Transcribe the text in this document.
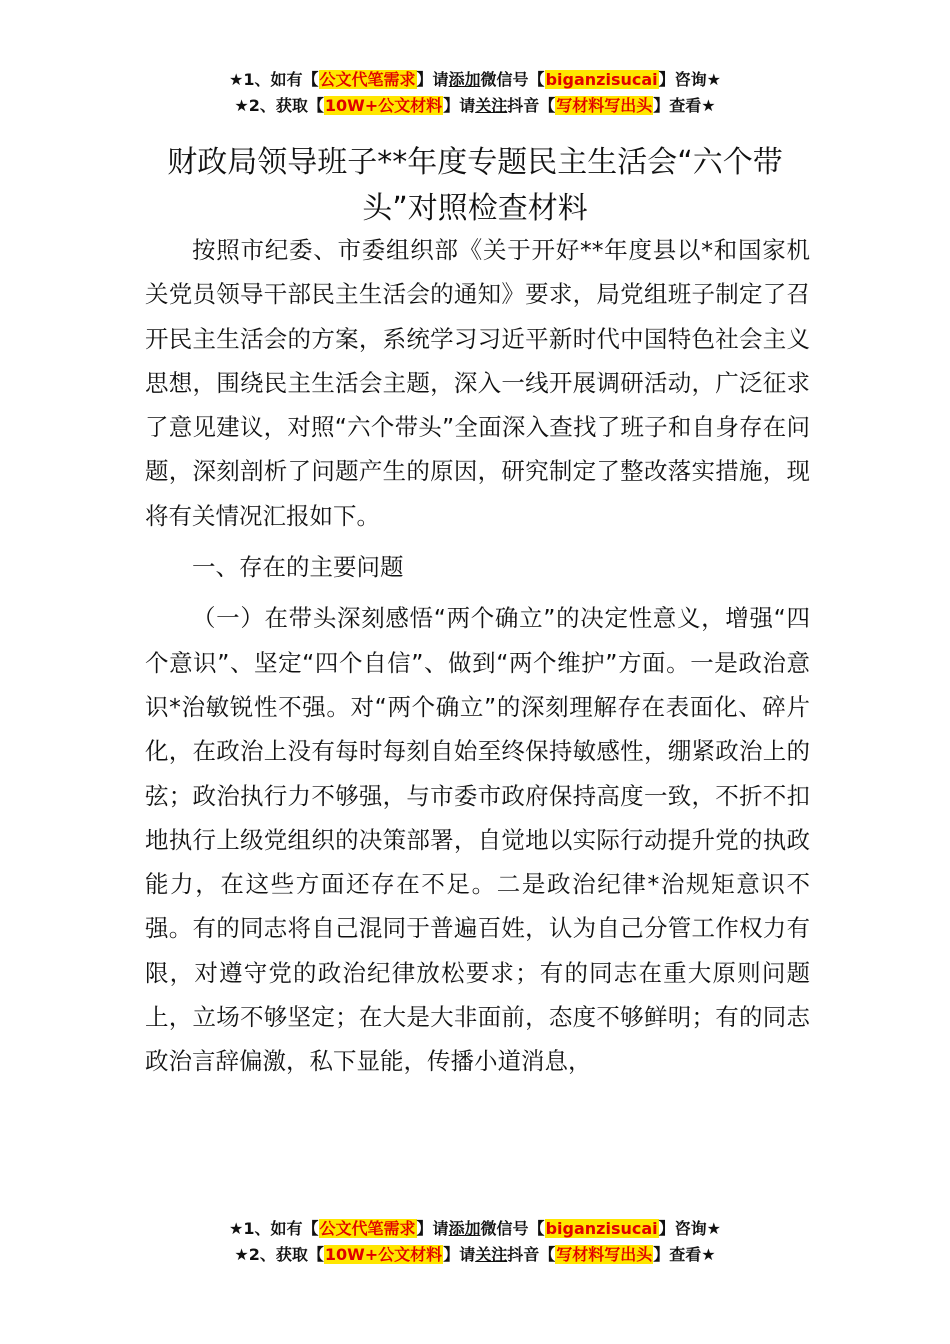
★1、如有【公文代笔需求】请添加微信号【biganzisucai】咨询★
★2、获取【10W+公文材料】请关注抖音【写材料写出头】查看★
财政局领导班子**年度专题民主生活会“六个带头”对照检查材料

按照市纪委、市委组织部《关于开好**年度县以*和国家机关党员领导干部民主生活会的通知》要求，局党组班子制定了召开民主生活会的方案，系统学习习近平新时代中国特色社会主义思想，围绕民主生活会主题，深入一线开展调研活动，广泛征求了意见建议，对照“六个带头”全面深入查找了班子和自身存在问题，深刻剖析了问题产生的原因，研究制定了整改落实措施，现将有关情况汇报如下。

一、存在的主要问题

（一）在带头深刻感悟“两个确立”的决定性意义，增强“四个意识”、坚定“四个自信”、做到“两个维护”方面。一是政治意识*治敏锐性不强。对“两个确立”的深刻理解存在表面化、碎片化，在政治上没有每时每刻自始至终保持敏感性，绷紧政治上的弦；政治执行力不够强，与市委市政府保持高度一致，不折不扣地执行上级党组织的决策部署，自觉地以实际行动提升党的执政能力，在这些方面还存在不足。二是政治纪律*治规矩意识不强。有的同志将自己混同于普遍百姓，认为自己分管工作权力有限，对遵守党的政治纪律放松要求；有的同志在重大原则问题上，立场不够坚定；在大是大非面前，态度不够鲜明；有的同志政治言辞偏激，私下显能，传播小道消息，

★1、如有【公文代笔需求】请添加微信号【biganzisucai】咨询★
★2、获取【10W+公文材料】请关注抖音【写材料写出头】查看★
